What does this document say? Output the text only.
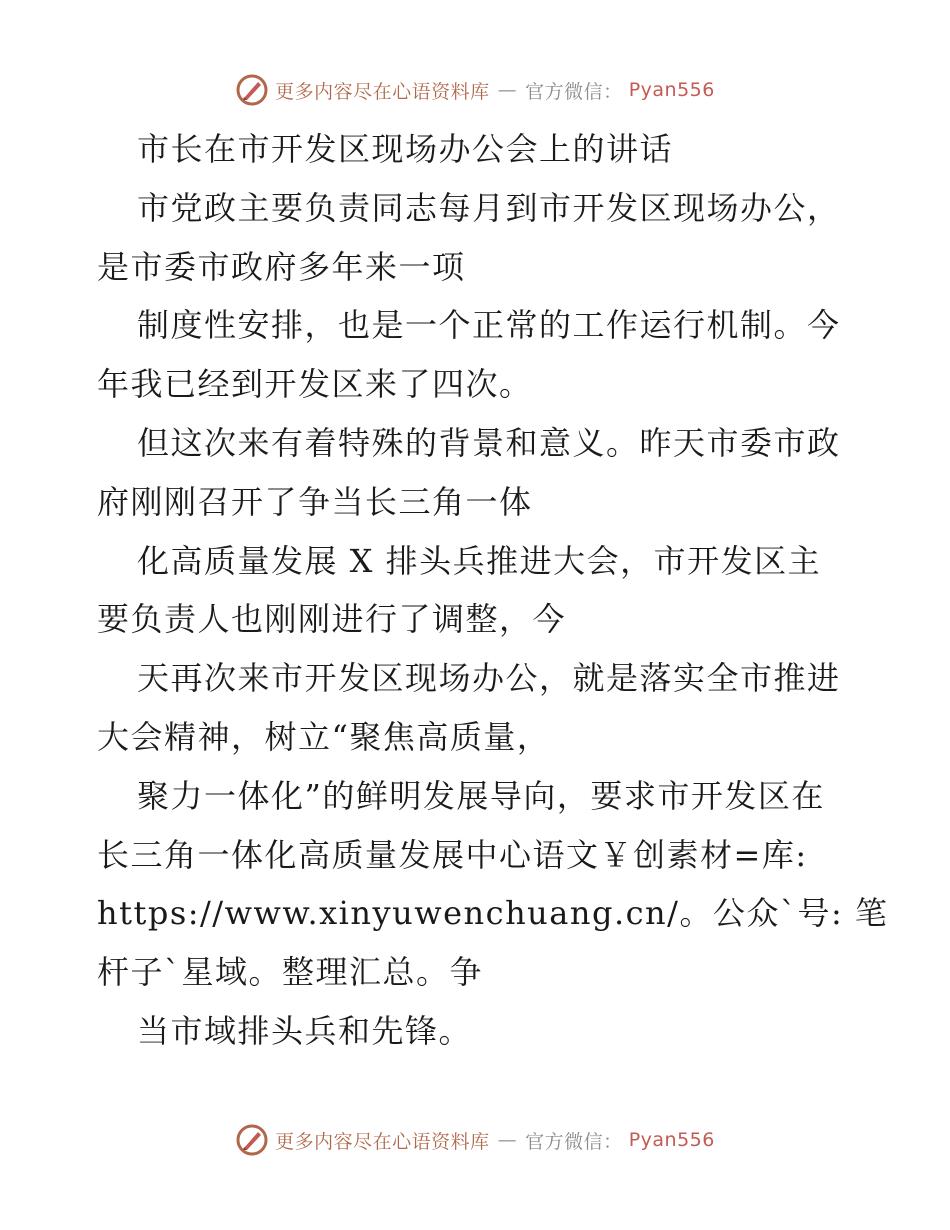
更多内容尽在心语资料库 — 官方微信： Pyan556
市长在市开发区现场办公会上的讲话
市党政主要负责同志每月到市开发区现场办公，
是市委市政府多年来一项
制度性安排，也是一个正常的工作运行机制。今
年我已经到开发区来了四次。
但这次来有着特殊的背景和意义。昨天市委市政
府刚刚召开了争当长三角一体
化高质量发展 X 排头兵推进大会，市开发区主
要负责人也刚刚进行了调整，今
天再次来市开发区现场办公，就是落实全市推进
大会精神，树立“聚焦高质量，
聚力一体化”的鲜明发展导向，要求市开发区在
长三角一体化高质量发展中心语文￥创素材=库:
https://www.xinyuwenchuang.cn/。公众`号: 笔
杆子`星域。整理汇总。争
当市域排头兵和先锋。
更多内容尽在心语资料库 — 官方微信： Pyan556
